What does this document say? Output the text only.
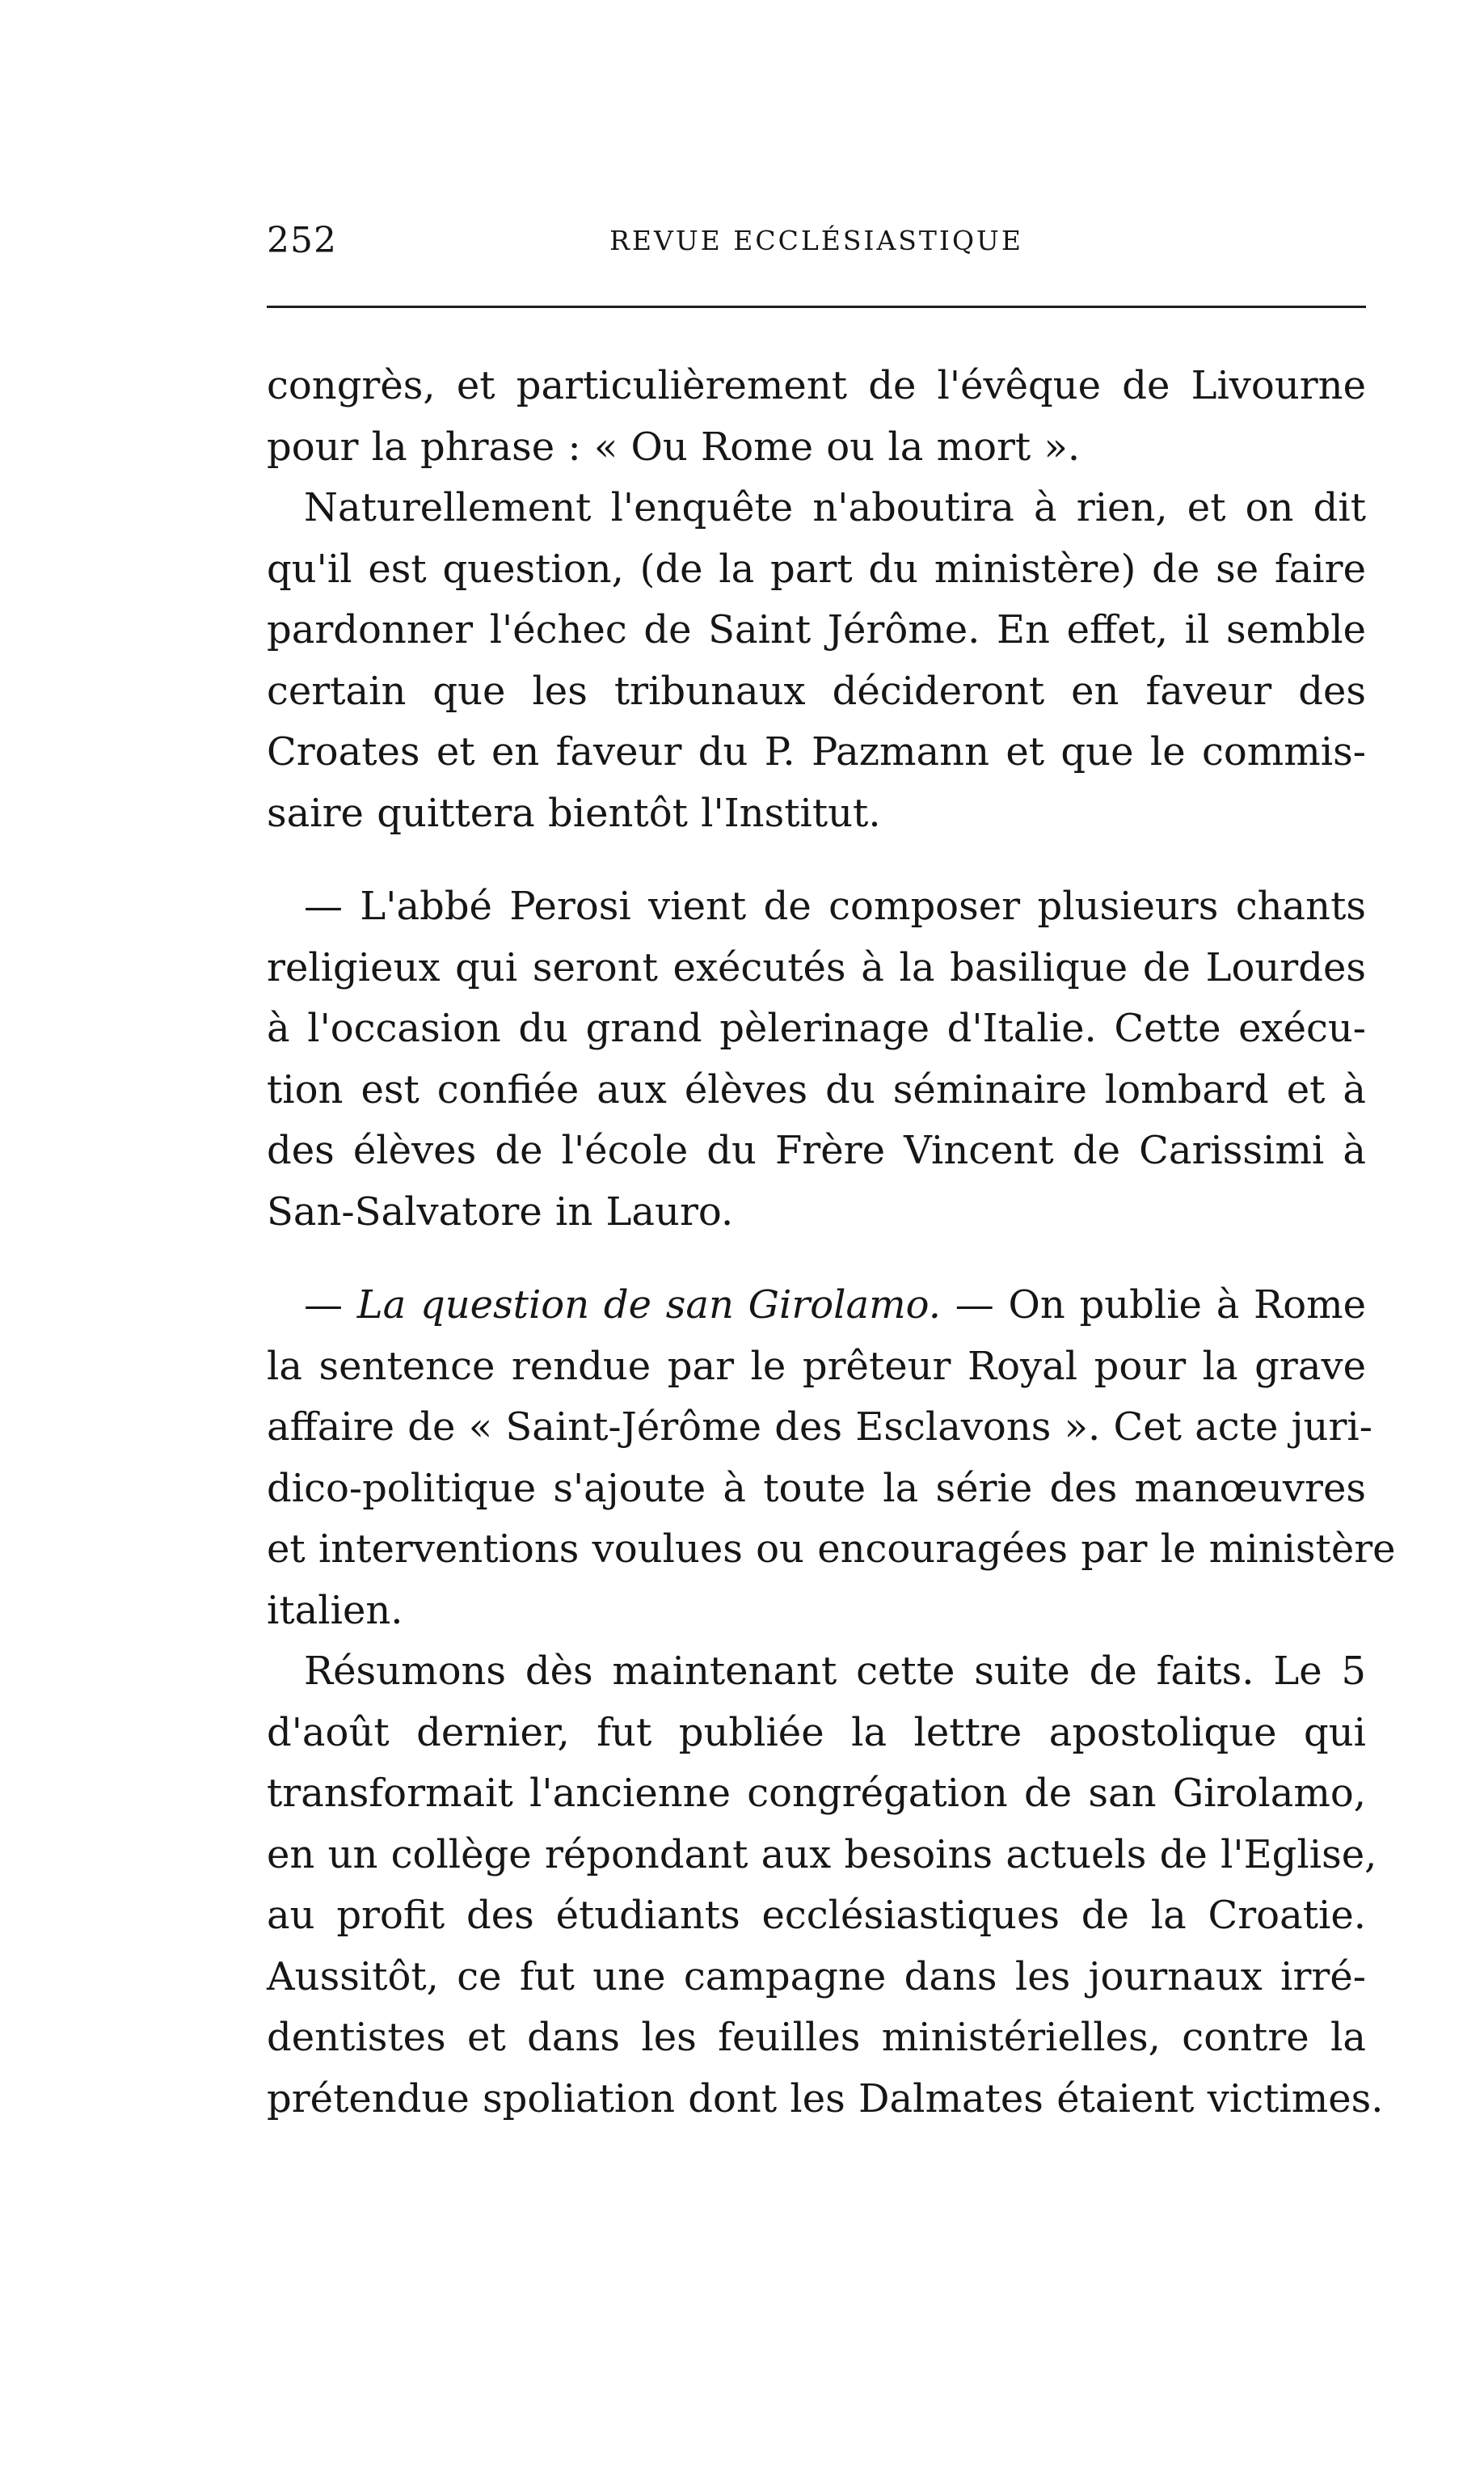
252	REVUE ECCLÉSIASTIQUE

congrès, et particulièrement de l'évêque de Livourne
pour la phrase : « Ou Rome ou la mort ».

Naturellement l'enquête n'aboutira à rien, et on dit
qu'il est question, (de la part du ministère) de se faire
pardonner l'échec de Saint Jérôme. En effet, il semble
certain que les tribunaux décideront en faveur des
Croates et en faveur du P. Pazmann et que le commis-
saire quittera bientôt l'Institut.

— L'abbé Perosi vient de composer plusieurs chants
religieux qui seront exécutés à la basilique de Lourdes
à l'occasion du grand pèlerinage d'Italie. Cette exécu-
tion est confiée aux élèves du séminaire lombard et à
des élèves de l'école du Frère Vincent de Carissimi à
San-Salvatore in Lauro.

— La question de san Girolamo. — On publie à Rome
la sentence rendue par le prêteur Royal pour la grave
affaire de « Saint-Jérôme des Esclavons ». Cet acte juri-
dico-politique s'ajoute à toute la série des manœuvres
et interventions voulues ou encouragées par le ministère
italien.

Résumons dès maintenant cette suite de faits. Le 5
d'août dernier, fut publiée la lettre apostolique qui
transformait l'ancienne congrégation de san Girolamo,
en un collège répondant aux besoins actuels de l'Eglise,
au profit des étudiants ecclésiastiques de la Croatie.
Aussitôt, ce fut une campagne dans les journaux irré-
dentistes et dans les feuilles ministérielles, contre la
prétendue spoliation dont les Dalmates étaient victimes.
